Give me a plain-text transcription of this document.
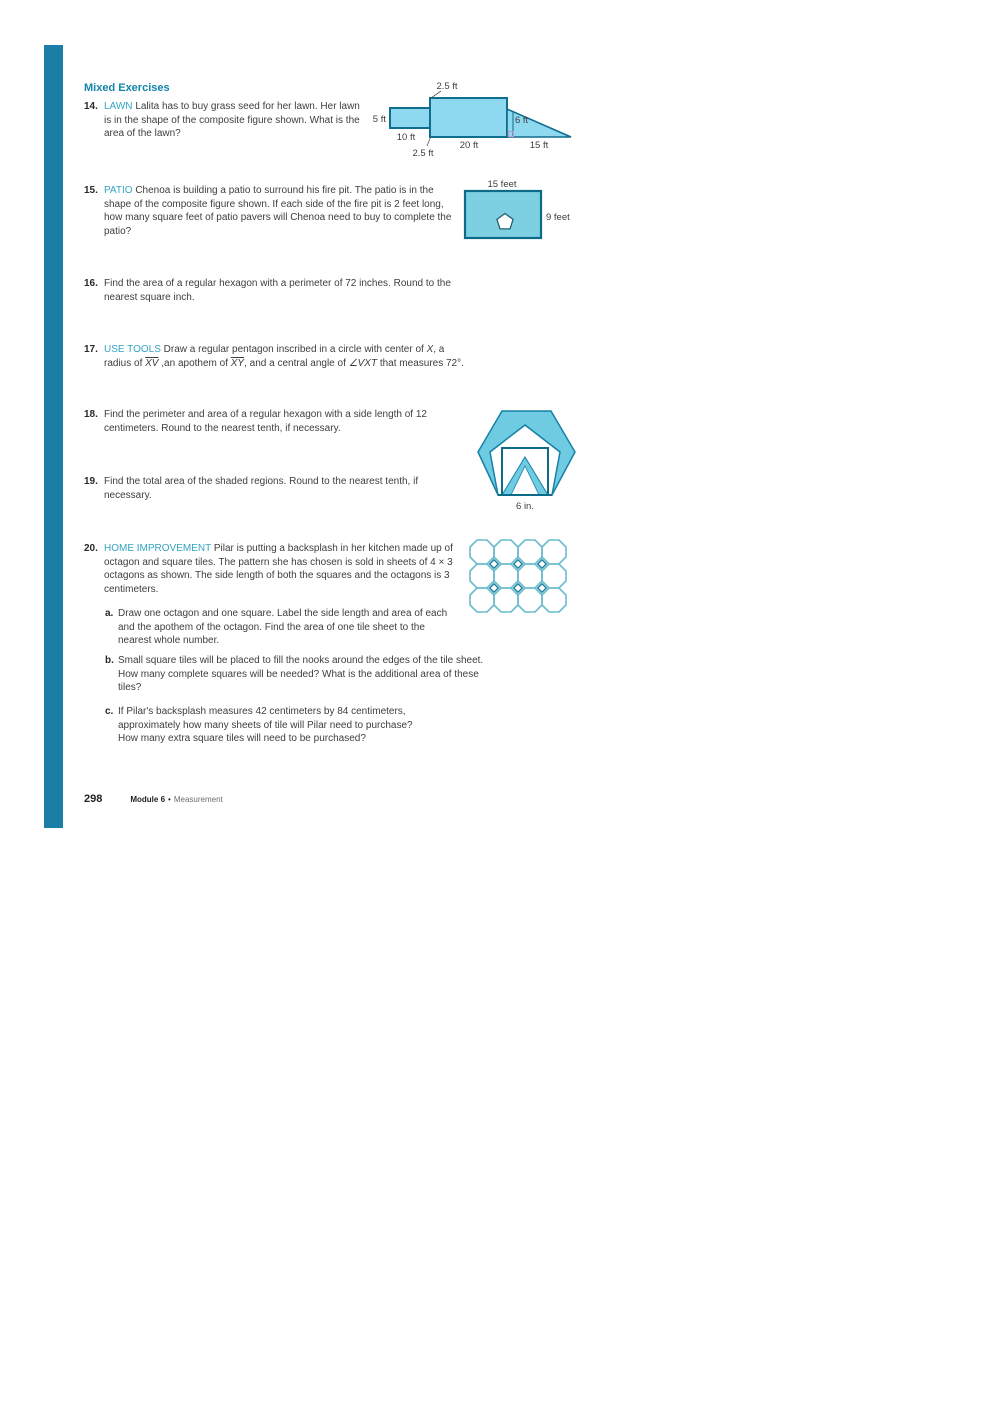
Mixed Exercises
14. LAWN Lalita has to buy grass seed for her lawn. Her lawn is in the shape of the composite figure shown. What is the area of the lawn?
2.5 ft
5 ft
10 ft
2.5 ft
20 ft
6 ft
15 ft
15. PATIO Chenoa is building a patio to surround his fire pit. The patio is in the shape of the composite figure shown. If each side of the fire pit is 2 feet long, how many square feet of patio pavers will Chenoa need to buy to complete the patio?
15 feet
9 feet
16. Find the area of a regular hexagon with a perimeter of 72 inches. Round to the nearest square inch.
17. USE TOOLS Draw a regular pentagon inscribed in a circle with center of X, a radius of $\overline{XV}$ ,an apothem of $\overline{XY}$, and a central angle of ∠VXT that measures 72°.
18. Find the perimeter and area of a regular hexagon with a side length of 12 centimeters. Round to the nearest tenth, if necessary.
6 in.
19. Find the total area of the shaded regions. Round to the nearest tenth, if necessary.
20. HOME IMPROVEMENT Pilar is putting a backsplash in her kitchen made up of octagon and square tiles. The pattern she has chosen is sold in sheets of 4 × 3 octagons as shown. The side length of both the squares and the octagons is 3 centimeters.
a. Draw one octagon and one square. Label the side length and area of each and the apothem of the octagon. Find the area of one tile sheet to the nearest whole number.
b. Small square tiles will be placed to fill the nooks around the edges of the tile sheet. How many complete squares will be needed? What is the additional area of these tiles?
c. If Pilar's backsplash measures 42 centimeters by 84 centimeters, approximately how many sheets of tile will Pilar need to purchase? How many extra square tiles will need to be purchased?
298	Module 6 • Measurement
